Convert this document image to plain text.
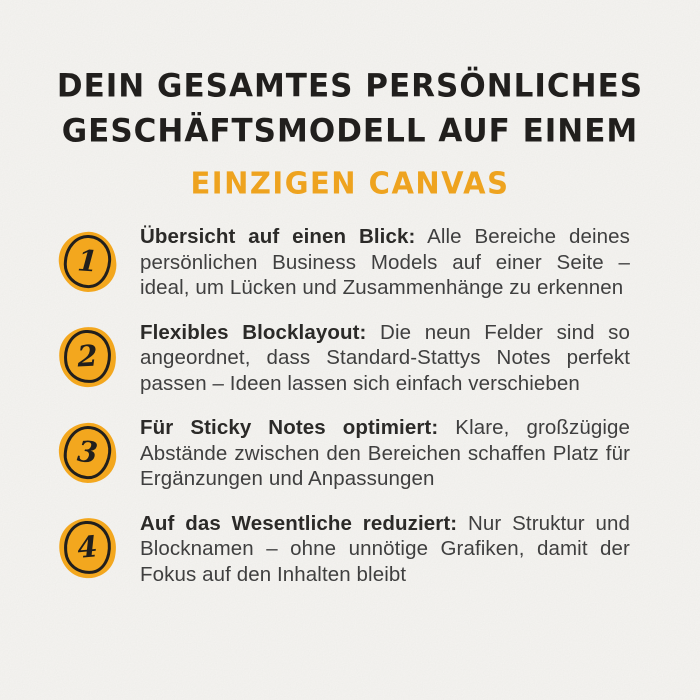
DEIN GESAMTES PERSÖNLICHES
GESCHÄFTSMODELL AUF EINEM
EINZIGEN CANVAS
1

Übersicht auf einen Blick: Alle Bereiche deines persönlichen Business Models auf einer Seite – ideal, um Lücken und Zusammenhänge zu erkennen

2

Flexibles Blocklayout: Die neun Felder sind so angeordnet, dass Standard-Stattys Notes perfekt passen – Ideen lassen sich einfach verschieben

3

Für Sticky Notes optimiert: Klare, großzügige Abstände zwischen den Bereichen schaffen Platz für Ergänzungen und Anpassungen

4

Auf das Wesentliche reduziert: Nur Struktur und Blocknamen – ohne unnötige Grafiken, damit der Fokus auf den Inhalten bleibt
